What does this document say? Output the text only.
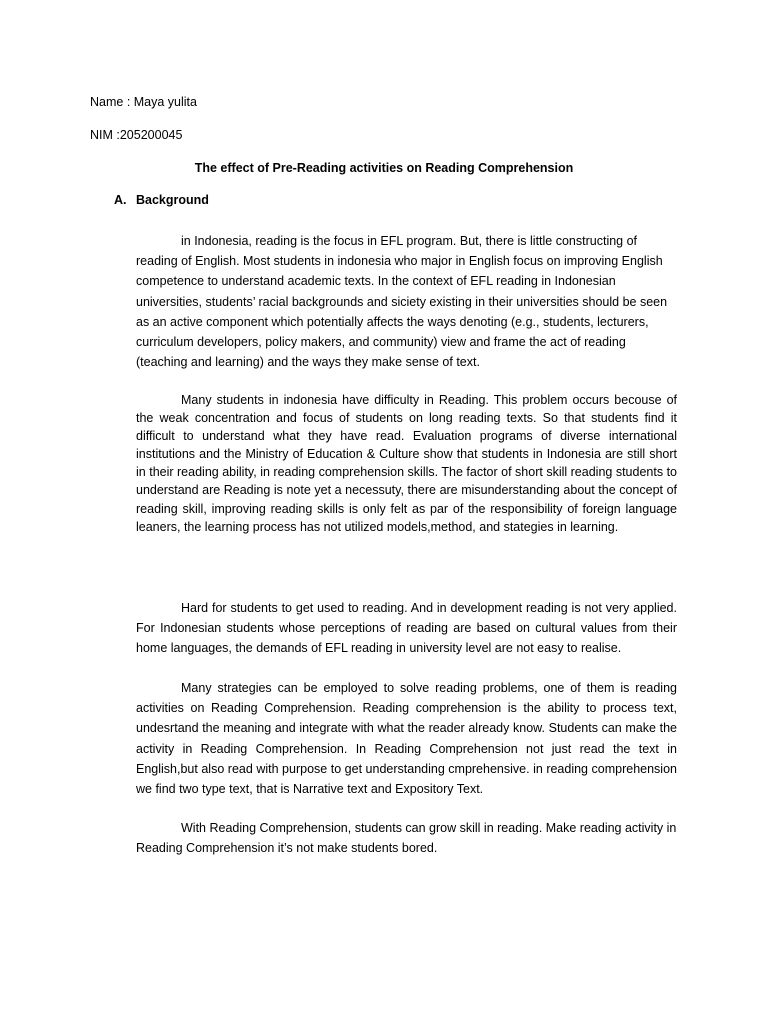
Name : Maya yulita
NIM :205200045
The effect of Pre-Reading activities on Reading Comprehension
A. Background

in Indonesia, reading is the focus in EFL program. But, there is little constructing of reading of English. Most students in indonesia who major in English focus on improving English competence to understand academic texts. In the context of EFL reading in Indonesian universities, students’ racial backgrounds and siciety existing in their universities should be seen as an active component which potentially affects the ways denoting (e.g., students, lecturers, curriculum developers, policy makers, and community) view and frame the act of reading (teaching and learning) and the ways they make sense of text.

Many students in indonesia have difficulty in Reading. This problem occurs becouse of the weak concentration and focus of students on long reading texts. So that students find it difficult to understand what they have read. Evaluation programs of diverse international institutions and the Ministry of Education & Culture show that students in Indonesia are still short in their reading ability, in reading comprehension skills. The factor of short skill reading students to understand are Reading is note yet a necessuty, there are misunderstanding about the concept of reading skill, improving reading skills is only felt as par of the responsibility of foreign language leaners, the learning process has not utilized models,method, and stategies in learning.

Hard for students to get used to reading. And in development reading is not very applied. For Indonesian students whose perceptions of reading are based on cultural values from their home languages, the demands of EFL reading in university level are not easy to realise.

Many strategies can be employed to solve reading problems, one of them is reading activities on Reading Comprehension. Reading comprehension is the ability to process text, undesrtand the meaning and integrate with what the reader already know. Students can make the activity in Reading Comprehension. In Reading Comprehension not just read the text in English,but also read with purpose to get understanding cmprehensive. in reading comprehension we find two type text, that is Narrative text and Expository Text.

With Reading Comprehension, students can grow skill in reading. Make reading activity in Reading Comprehension it’s not make students bored.
